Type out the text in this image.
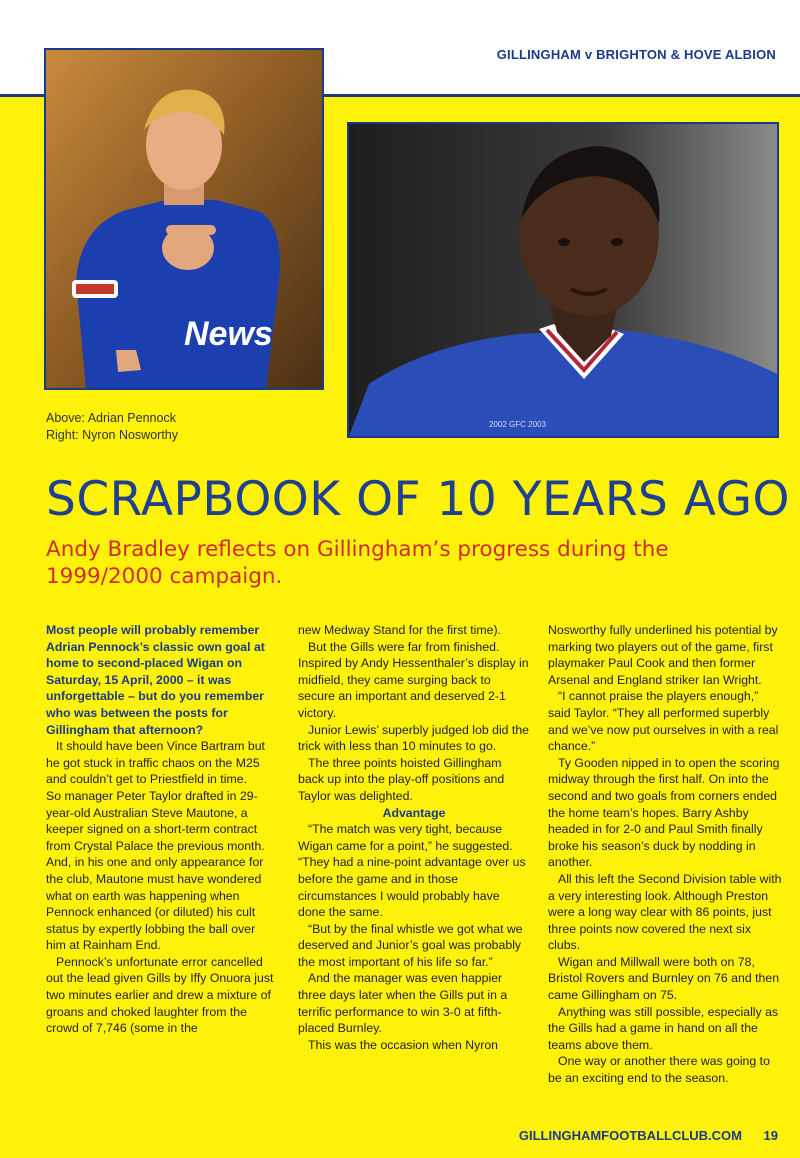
GILLINGHAM v BRIGHTON & HOVE ALBION
News
2002 GFC 2003
Above: Adrian Pennock
Right: Nyron Nosworthy
SCRAPBOOK OF 10 YEARS AGO
Andy Bradley reflects on Gillingham’s progress during the 1999/2000 campaign.

Most people will probably remember Adrian Pennock’s classic own goal at home to second-placed Wigan on Saturday, 15 April, 2000 – it was unforgettable – but do you remember who was between the posts for Gillingham that afternoon?

It should have been Vince Bartram but he got stuck in traffic chaos on the M25 and couldn’t get to Priestfield in time.

So manager Peter Taylor drafted in 29-year-old Australian Steve Mautone, a keeper signed on a short-term contract from Crystal Palace the previous month.

And, in his one and only appearance for the club, Mautone must have wondered what on earth was happening when Pennock enhanced (or diluted) his cult status by expertly lobbing the ball over him at Rainham End.

Pennock’s unfortunate error cancelled out the lead given Gills by Iffy Onuora just two minutes earlier and drew a mixture of groans and choked laughter from the crowd of 7,746 (some in the

new Medway Stand for the first time).

But the Gills were far from finished. Inspired by Andy Hessenthaler’s display in midfield, they came surging back to secure an important and deserved 2-1 victory.

Junior Lewis’ superbly judged lob did the trick with less than 10 minutes to go.

The three points hoisted Gillingham back up into the play-off positions and Taylor was delighted.

Advantage

“The match was very tight, because Wigan came for a point,” he suggested. “They had a nine-point advantage over us before the game and in those circumstances I would probably have done the same.

“But by the final whistle we got what we deserved and Junior’s goal was probably the most important of his life so far.”

And the manager was even happier three days later when the Gills put in a terrific performance to win 3-0 at fifth-placed Burnley.

This was the occasion when Nyron

Nosworthy fully underlined his potential by marking two players out of the game, first playmaker Paul Cook and then former Arsenal and England striker Ian Wright.

“I cannot praise the players enough,” said Taylor. “They all performed superbly and we’ve now put ourselves in with a real chance.”

Ty Gooden nipped in to open the scoring midway through the first half. On into the second and two goals from corners ended the home team’s hopes. Barry Ashby headed in for 2-0 and Paul Smith finally broke his season’s duck by nodding in another.

All this left the Second Division table with a very interesting look. Although Preston were a long way clear with 86 points, just three points now covered the next six clubs.

Wigan and Millwall were both on 78, Bristol Rovers and Burnley on 76 and then came Gillingham on 75.

Anything was still possible, especially as the Gills had a game in hand on all the teams above them.

One way or another there was going to be an exciting end to the season.

GILLINGHAMFOOTBALLCLUB.COM 19
